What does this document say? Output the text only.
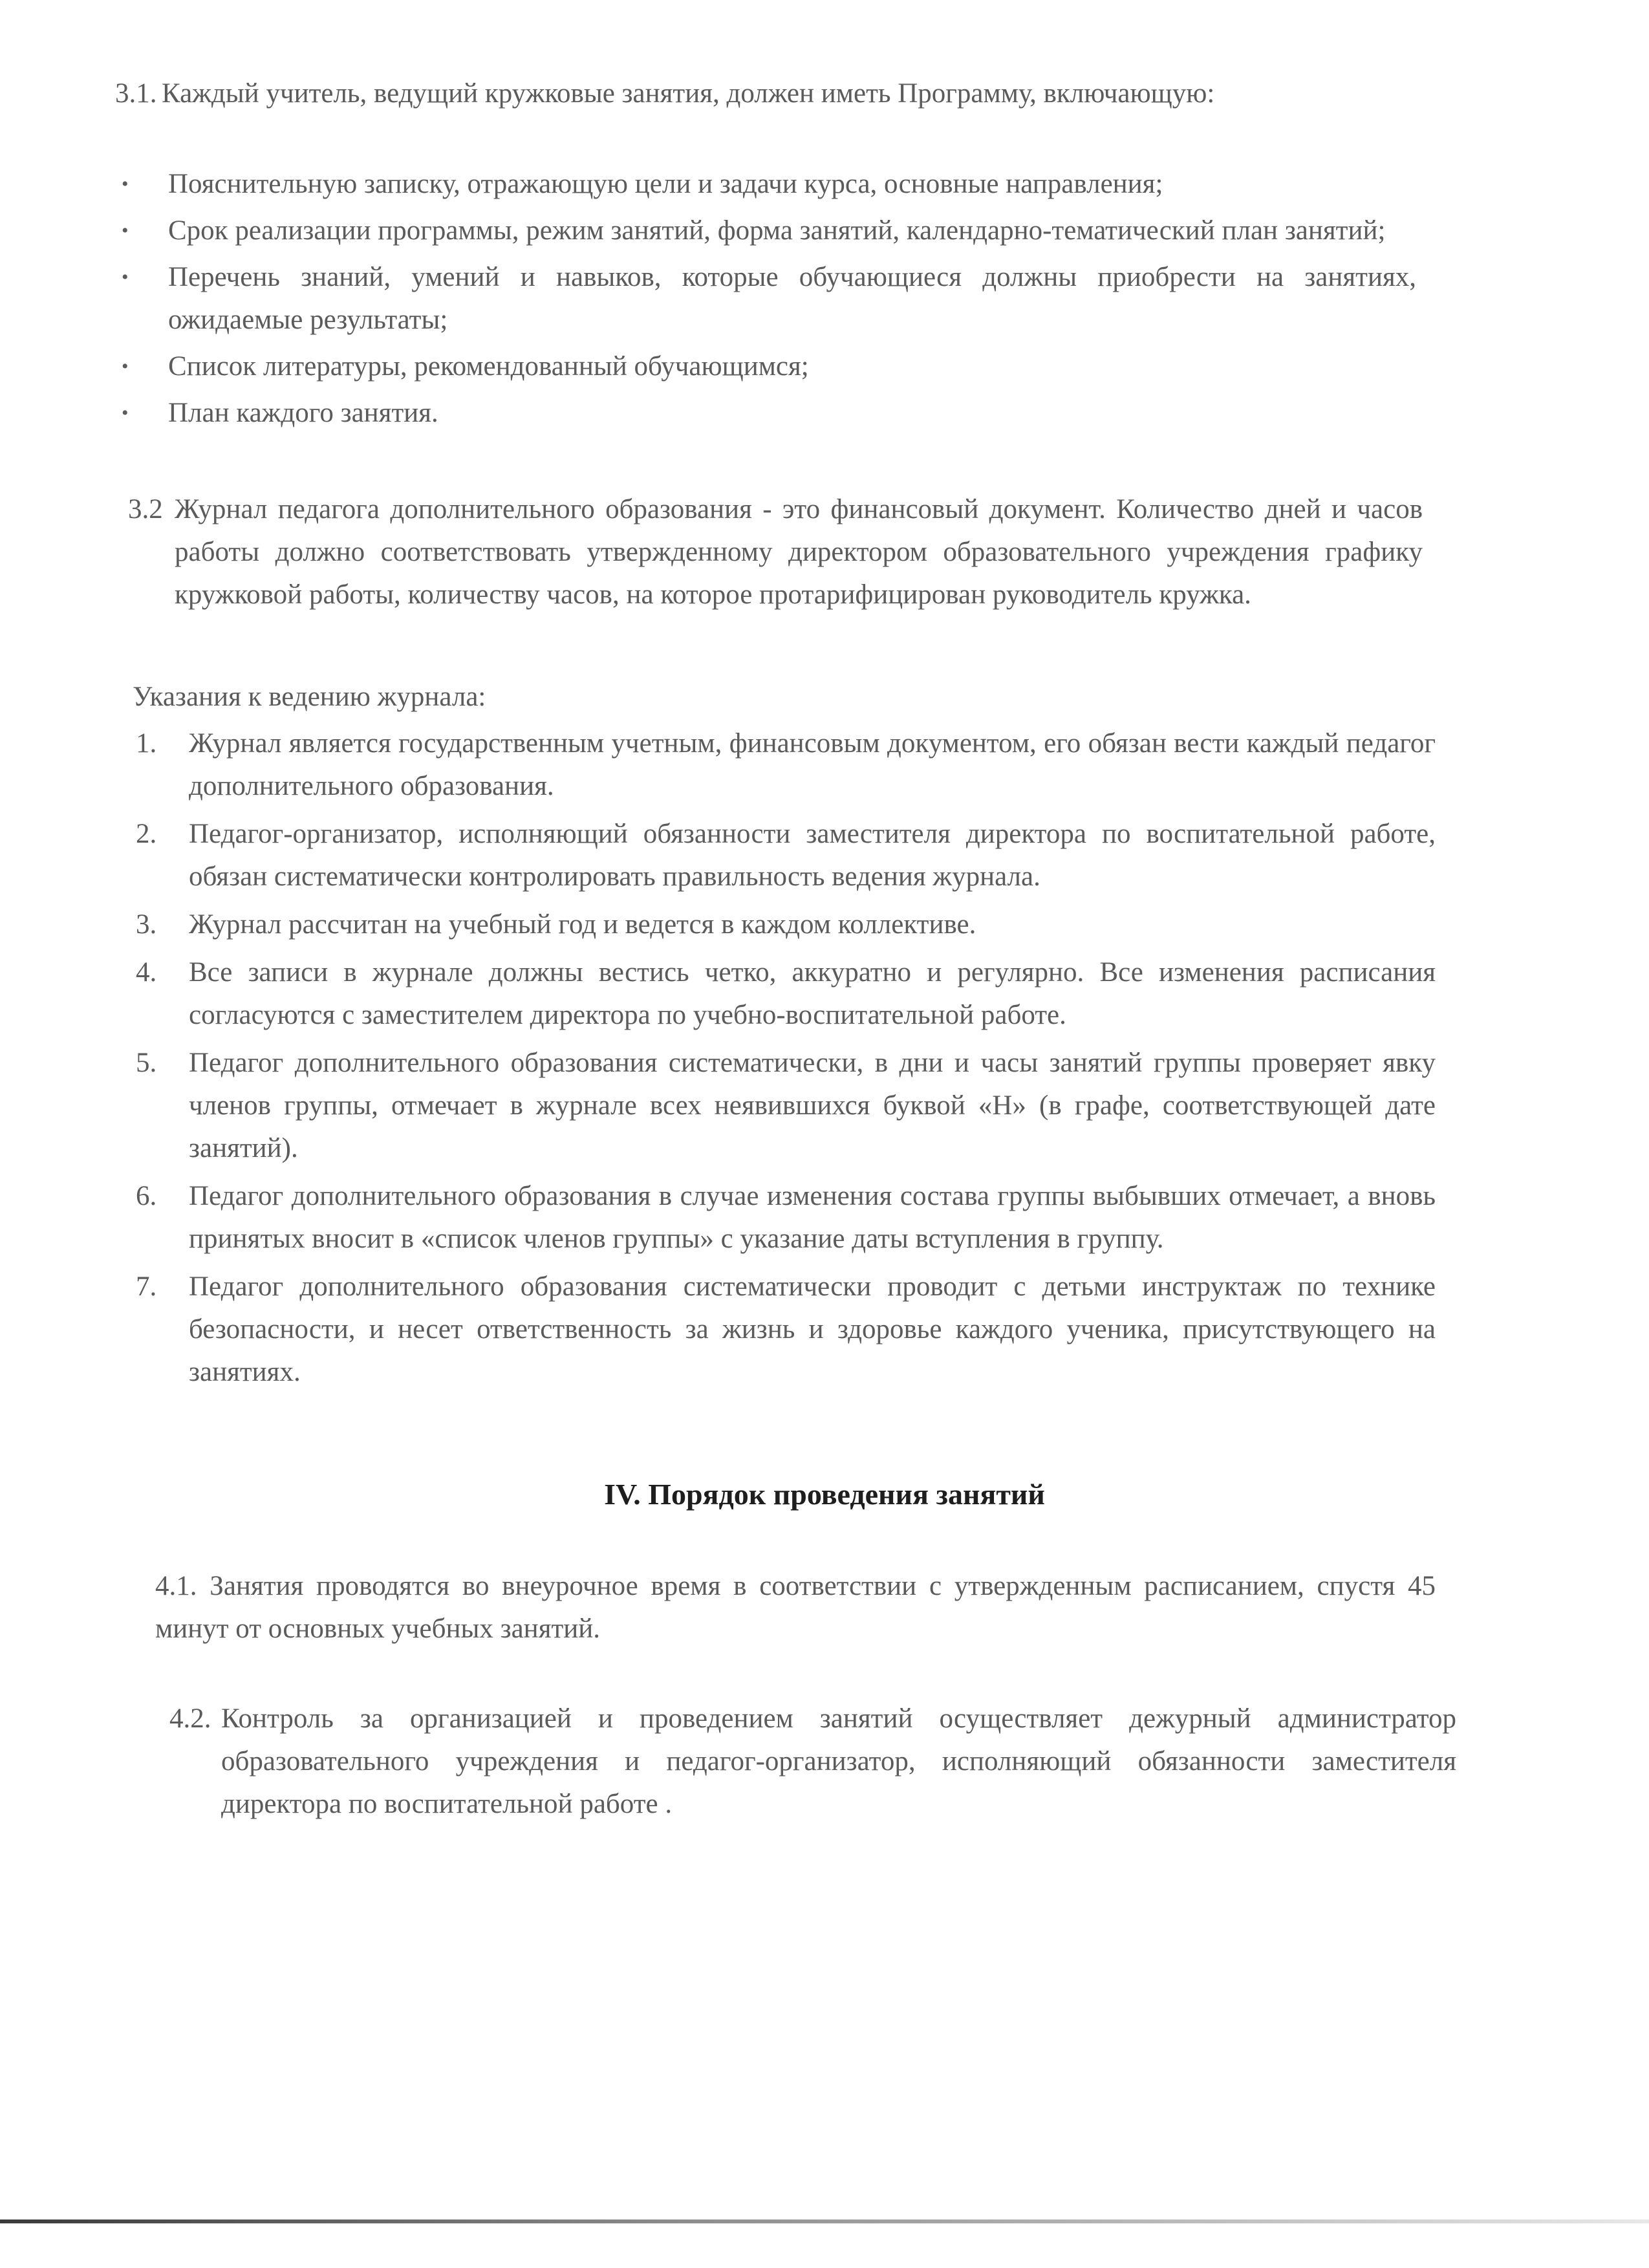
3.1. Каждый учитель, ведущий кружковые занятия, должен иметь Программу, включающую:
• Пояснительную записку, отражающую цели и задачи курса, основные направления;
• Срок реализации программы, режим занятий, форма занятий, календарно-тематический план занятий;
• Перечень знаний, умений и навыков, которые обучающиеся должны приобрести на занятиях, ожидаемые результаты;
• Список литературы, рекомендованный обучающимся;
• План каждого занятия.
3.2 Журнал педагога дополнительного образования - это финансовый документ. Количество дней и часов работы должно соответствовать утвержденному директором образовательного учреждения графику кружковой работы, количеству часов, на которое протарифицирован руководитель кружка.
Указания к ведению журнала:
1. Журнал является государственным учетным, финансовым документом, его обязан вести каждый педагог дополнительного образования.
2. Педагог-организатор, исполняющий обязанности заместителя директора по воспитательной работе, обязан систематически контролировать правильность ведения журнала.
3. Журнал рассчитан на учебный год и ведется в каждом коллективе.
4. Все записи в журнале должны вестись четко, аккуратно и регулярно. Все изменения расписания согласуются с заместителем директора по учебно-воспитательной работе.
5. Педагог дополнительного образования систематически, в дни и часы занятий группы проверяет явку членов группы, отмечает в журнале всех неявившихся буквой «Н» (в графе, соответствующей дате занятий).
6. Педагог дополнительного образования в случае изменения состава группы выбывших отмечает, а вновь принятых вносит в «список членов группы» с указание даты вступления в группу.
7. Педагог дополнительного образования систематически проводит с детьми инструктаж по технике безопасности, и несет ответственность за жизнь и здоровье каждого ученика, присутствующего на занятиях.
IV. Порядок проведения занятий
4.1. Занятия проводятся во внеурочное время в соответствии с утвержденным расписанием, спустя 45 минут от основных учебных занятий.
4.2. Контроль за организацией и проведением занятий осуществляет дежурный администратор образовательного учреждения и педагог-организатор, исполняющий обязанности заместителя директора по воспитательной работе .
